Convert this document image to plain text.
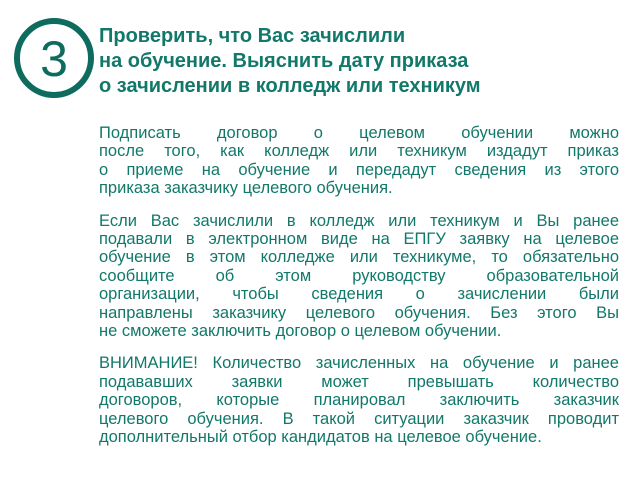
3 Проверить, что Вас зачислили
на обучение. Выяснить дату приказа
о зачислении в колледж или техникум

Подписать договор о целевом обучении можно
после того, как колледж или техникум издадут приказ
о приеме на обучение и передадут сведения из этого
приказа заказчику целевого обучения.

Если Вас зачислили в колледж или техникум и Вы ранее
подавали в электронном виде на ЕПГУ заявку на целевое
обучение в этом колледже или техникуме, то обязательно
сообщите об этом руководству образовательной
организации, чтобы сведения о зачислении были
направлены заказчику целевого обучения. Без этого Вы
не сможете заключить договор о целевом обучении.

ВНИМАНИЕ! Количество зачисленных на обучение и ранее
подававших заявки может превышать количество
договоров, которые планировал заключить заказчик
целевого обучения. В такой ситуации заказчик проводит
дополнительный отбор кандидатов на целевое обучение.
